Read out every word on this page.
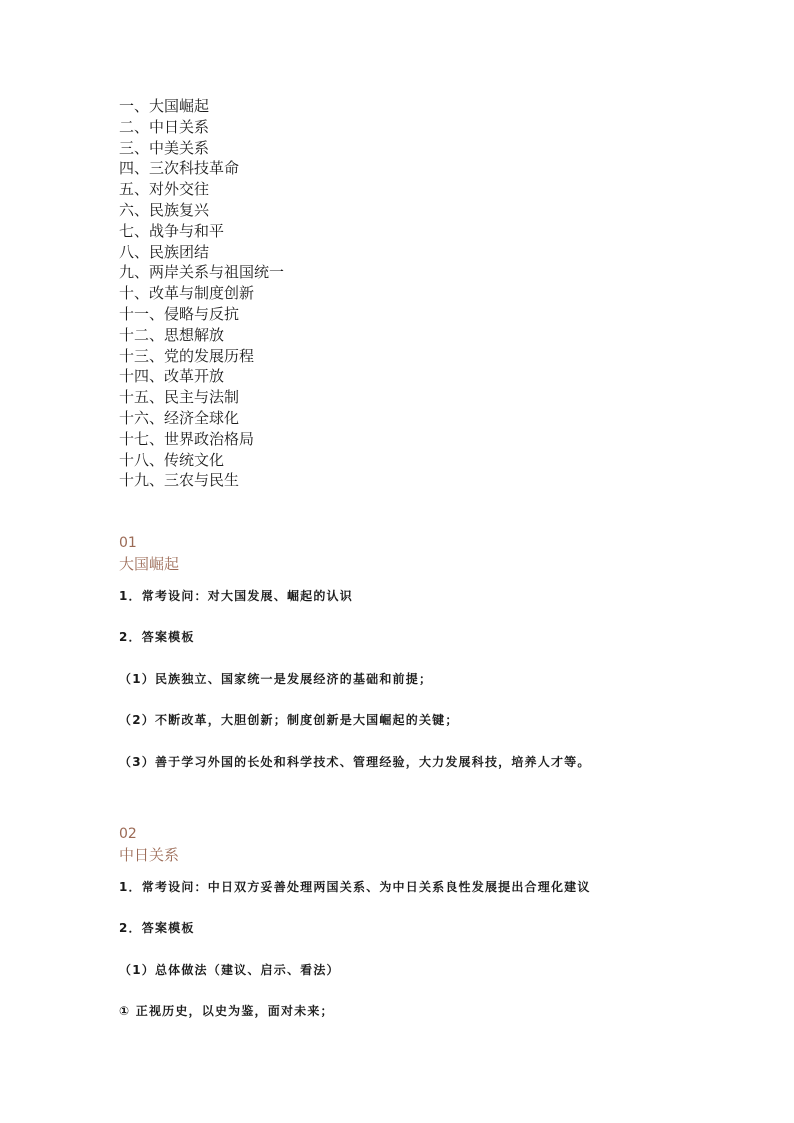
一、大国崛起
二、中日关系
三、中美关系
四、三次科技革命
五、对外交往
六、民族复兴
七、战争与和平
八、民族团结
九、两岸关系与祖国统一
十、改革与制度创新
十一、侵略与反抗
十二、思想解放
十三、党的发展历程
十四、改革开放
十五、民主与法制
十六、经济全球化
十七、世界政治格局
十八、传统文化
十九、三农与民生
01
大国崛起
1．常考设问：对大国发展、崛起的认识
2．答案模板
（1）民族独立、国家统一是发展经济的基础和前提；
（2）不断改革，大胆创新；制度创新是大国崛起的关键；
（3）善于学习外国的长处和科学技术、管理经验，大力发展科技，培养人才等。
02
中日关系
1．常考设问：中日双方妥善处理两国关系、为中日关系良性发展提出合理化建议
2．答案模板
（1）总体做法（建议、启示、看法）
① 正视历史，以史为鉴，面对未来；
